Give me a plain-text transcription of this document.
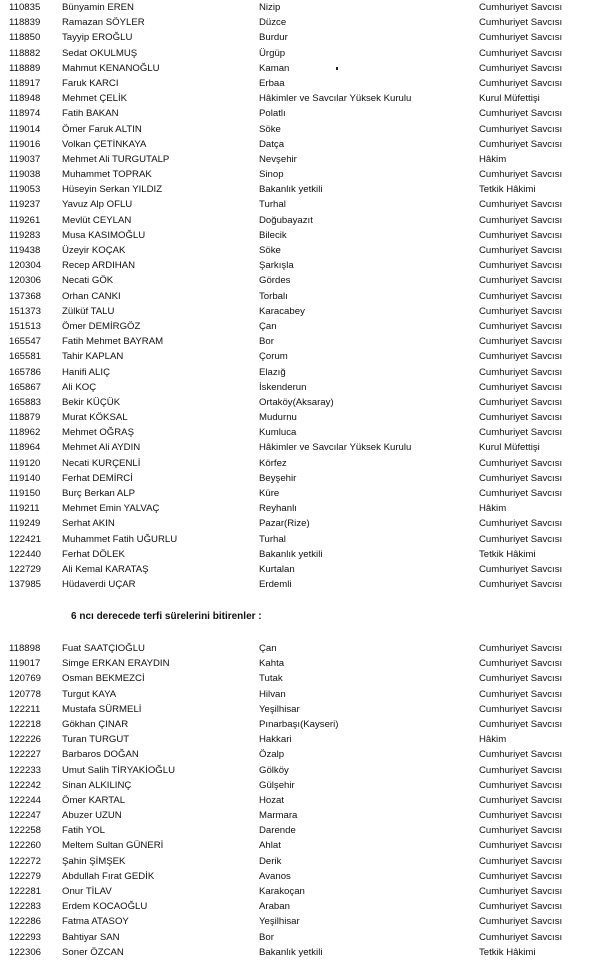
110835	Bünyamin EREN	Nizip	Cumhuriyet Savcısı
118839	Ramazan SÖYLER	Düzce	Cumhuriyet Savcısı
118850	Tayyip EROĞLU	Burdur	Cumhuriyet Savcısı
118882	Sedat OKULMUŞ	Ürgüp	Cumhuriyet Savcısı
118889	Mahmut KENANOĞLU	Kaman	Cumhuriyet Savcısı
118917	Faruk KARCI	Erbaa	Cumhuriyet Savcısı
118948	Mehmet ÇELİK	Hâkimler ve Savcılar Yüksek Kurulu	Kurul Müfettişi
118974	Fatih BAKAN	Polatlı	Cumhuriyet Savcısı
119014	Ömer Faruk ALTIN	Söke	Cumhuriyet Savcısı
119016	Volkan ÇETİNKAYA	Datça	Cumhuriyet Savcısı
119037	Mehmet Ali TURGUTALP	Nevşehir	Hâkim
119038	Muhammet TOPRAK	Sinop	Cumhuriyet Savcısı
119053	Hüseyin Serkan YILDIZ	Bakanlık yetkili	Tetkik Hâkimi
119237	Yavuz Alp OFLU	Turhal	Cumhuriyet Savcısı
119261	Mevlüt CEYLAN	Doğubayazıt	Cumhuriyet Savcısı
119283	Musa KASIMOĞLU	Bilecik	Cumhuriyet Savcısı
119438	Üzeyir KOÇAK	Söke	Cumhuriyet Savcısı
120304	Recep ARDIHAN	Şarkışla	Cumhuriyet Savcısı
120306	Necati GÖK	Gördes	Cumhuriyet Savcısı
137368	Orhan CANKI	Torbalı	Cumhuriyet Savcısı
151373	Zülküf TALU	Karacabey	Cumhuriyet Savcısı
151513	Ömer DEMİRGÖZ	Çan	Cumhuriyet Savcısı
165547	Fatih Mehmet BAYRAM	Bor	Cumhuriyet Savcısı
165581	Tahir KAPLAN	Çorum	Cumhuriyet Savcısı
165786	Hanifi ALIÇ	Elazığ	Cumhuriyet Savcısı
165867	Ali KOÇ	İskenderun	Cumhuriyet Savcısı
165883	Bekir KÜÇÜK	Ortaköy(Aksaray)	Cumhuriyet Savcısı
118879	Murat KÖKSAL	Mudurnu	Cumhuriyet Savcısı
118962	Mehmet OĞRAŞ	Kumluca	Cumhuriyet Savcısı
118964	Mehmet Ali AYDIN	Hâkimler ve Savcılar Yüksek Kurulu	Kurul Müfettişi
119120	Necati KURÇENLİ	Körfez	Cumhuriyet Savcısı
119140	Ferhat DEMİRCİ	Beyşehir	Cumhuriyet Savcısı
119150	Burç Berkan ALP	Küre	Cumhuriyet Savcısı
119211	Mehmet Emin YALVAÇ	Reyhanlı	Hâkim
119249	Serhat AKIN	Pazar(Rize)	Cumhuriyet Savcısı
122421	Muhammet Fatih UĞURLU	Turhal	Cumhuriyet Savcısı
122440	Ferhat DÖLEK	Bakanlık yetkili	Tetkik Hâkimi
122729	Ali Kemal KARATAŞ	Kurtalan	Cumhuriyet Savcısı
137985	Hüdaverdi UÇAR	Erdemli	Cumhuriyet Savcısı
6 ncı derecede terfi sürelerini bitirenler :
118898	Fuat SAATÇIOĞLU	Çan	Cumhuriyet Savcısı
119017	Simge ERKAN ERAYDIN	Kahta	Cumhuriyet Savcısı
120769	Osman BEKMEZCİ	Tutak	Cumhuriyet Savcısı
120778	Turgut KAYA	Hilvan	Cumhuriyet Savcısı
122211	Mustafa SÜRMELİ	Yeşilhisar	Cumhuriyet Savcısı
122218	Gökhan ÇINAR	Pınarbaşı(Kayseri)	Cumhuriyet Savcısı
122226	Turan TURGUT	Hakkari	Hâkim
122227	Barbaros DOĞAN	Özalp	Cumhuriyet Savcısı
122233	Umut Salih TİRYAKİOĞLU	Gölköy	Cumhuriyet Savcısı
122242	Sinan ALKILINÇ	Gülşehir	Cumhuriyet Savcısı
122244	Ömer KARTAL	Hozat	Cumhuriyet Savcısı
122247	Abuzer UZUN	Marmara	Cumhuriyet Savcısı
122258	Fatih YOL	Darende	Cumhuriyet Savcısı
122260	Meltem Sultan GÜNERİ	Ahlat	Cumhuriyet Savcısı
122272	Şahin ŞİMŞEK	Derik	Cumhuriyet Savcısı
122279	Abdullah Fırat GEDİK	Avanos	Cumhuriyet Savcısı
122281	Onur TİLAV	Karakoçan	Cumhuriyet Savcısı
122283	Erdem KOCAOĞLU	Araban	Cumhuriyet Savcısı
122286	Fatma ATASOY	Yeşilhisar	Cumhuriyet Savcısı
122293	Bahtiyar SAN	Bor	Cumhuriyet Savcısı
122306	Soner ÖZCAN	Bakanlık yetkili	Tetkik Hâkimi
